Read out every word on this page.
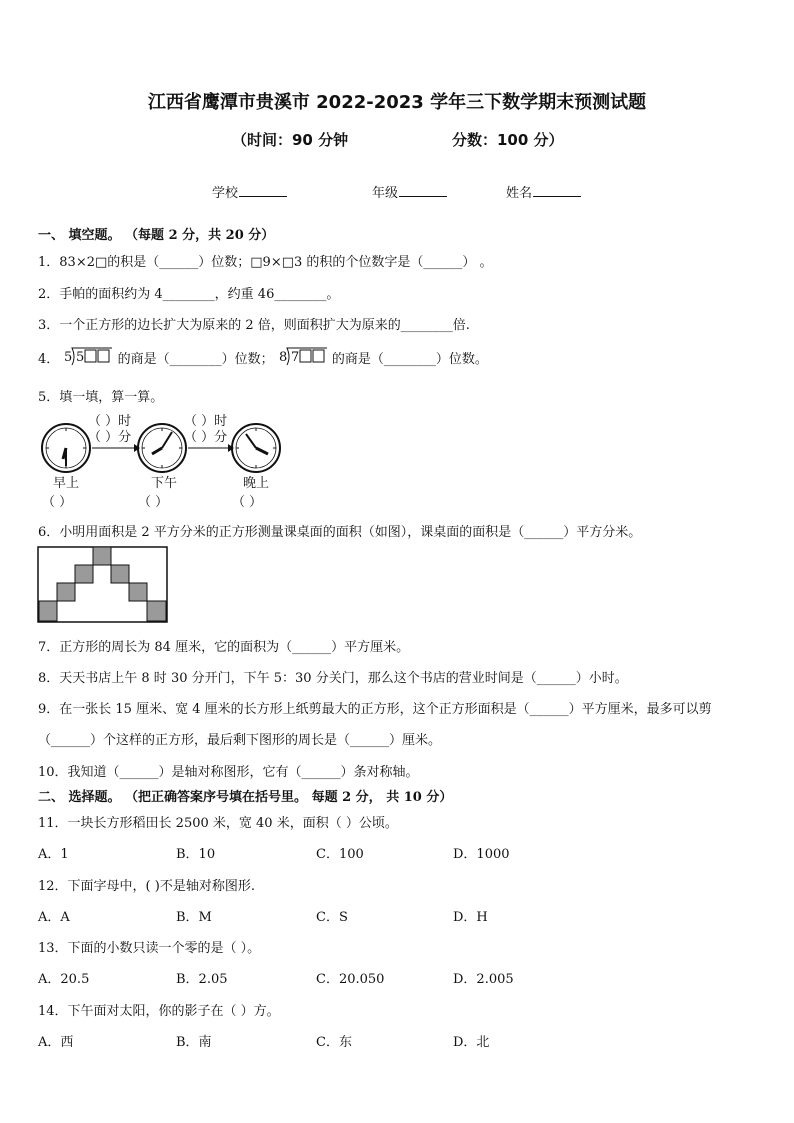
江西省鹰潭市贵溪市 2022-2023 学年三下数学期末预测试题
（时间：90 分钟	分数：100 分）
学校	年级	姓名
一、 填空题。 （每题 2 分，共 20 分）
1．83×2□的积是（______）位数；□9×□3 的积的个位数字是（______） 。
2．手帕的面积约为 4________，约重 46________。
3．一个正方形的边长扩大为原来的 2 倍，则面积扩大为原来的________倍.
4． 5 5	的商是（________）位数； 8 7	的商是（________）位数。
5．填一填，算一算。
（ ）时
（ ）分
（ ）时
（ ）分
早上	下午	晚上
（ ）	（ ）	（ ）
6．小明用面积是 2 平方分米的正方形测量课桌面的面积（如图），课桌面的面积是（______）平方分米。
7．正方形的周长为 84 厘米，它的面积为（______）平方厘米。
8．天天书店上午 8 时 30 分开门，下午 5：30 分关门，那么这个书店的营业时间是（______）小时。
9．在一张长 15 厘米、宽 4 厘米的长方形上纸剪最大的正方形，这个正方形面积是（______）平方厘米，最多可以剪
（______）个这样的正方形，最后剩下图形的周长是（______）厘米。
10．我知道（______）是轴对称图形，它有（______）条对称轴。
二、 选择题。 （把正确答案序号填在括号里。 每题 2 分， 共 10 分）
11．一块长方形稻田长 2500 米，宽 40 米，面积（ ）公顷。
A．1	B．10	C．100	D．1000
12．下面字母中，( )不是轴对称图形.
A．A	B．M	C．S	D．H
13．下面的小数只读一个零的是（ ）。
A．20.5	B．2.05	C．20.050	D．2.005
14．下午面对太阳，你的影子在（ ）方。
A．西	B．南	C．东	D．北
